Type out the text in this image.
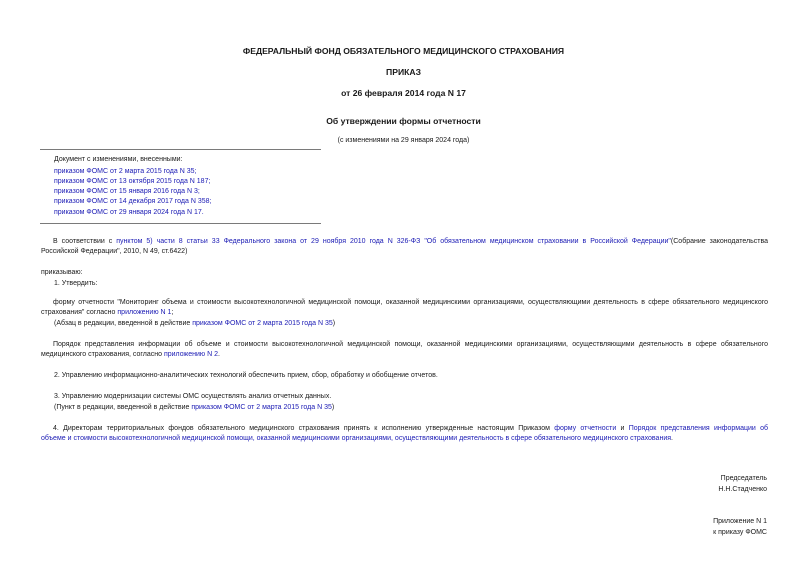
ФЕДЕРАЛЬНЫЙ ФОНД ОБЯЗАТЕЛЬНОГО МЕДИЦИНСКОГО СТРАХОВАНИЯ
ПРИКАЗ
от 26 февраля 2014 года N 17
Об утверждении формы отчетности
(с изменениями на 29 января 2024 года)
Документ с изменениями, внесенными:
приказом ФОМС от 2 марта 2015 года N 35;
приказом ФОМС от 13 октября 2015 года N 187;
приказом ФОМС от 15 января 2016 года N 3;
приказом ФОМС от 14 декабря 2017 года N 358;
приказом ФОМС от 29 января 2024 года N 17.
В соответствии с пунктом 5) части 8 статьи 33 Федерального закона от 29 ноября 2010 года N 326-ФЗ "Об обязательном медицинском страховании в Российской Федерации"(Собрание законодательства
Российской Федерации", 2010, N 49, ст.6422)
приказываю:
1. Утвердить:
форму отчетности "Мониторинг объема и стоимости высокотехнологичной медицинской помощи, оказанной медицинскими организациями, осуществляющими деятельность в сфере обязательного медицинского
страхования" согласно приложению N 1;
(Абзац в редакции, введенной в действие приказом ФОМС от 2 марта 2015 года N 35)
Порядок представления информации об объеме и стоимости высокотехнологичной медицинской помощи, оказанной медицинскими организациями, осуществляющими деятельность в сфере обязательного
медицинского страхования, согласно приложению N 2.
2. Управлению информационно-аналитических технологий обеспечить прием, сбор, обработку и обобщение отчетов.
3. Управлению модернизации системы ОМС осуществлять анализ отчетных данных.
(Пункт в редакции, введенной в действие приказом ФОМС от 2 марта 2015 года N 35)
4. Директорам территориальных фондов обязательного медицинского страхования принять к исполнению утвержденные настоящим Приказом форму отчетности и Порядок представления информации об
объеме и стоимости высокотехнологичной медицинской помощи, оказанной медицинскими организациями, осуществляющими деятельность в сфере обязательного медицинского страхования.
Председатель
Н.Н.Стадченко
Приложение N 1
к приказу ФОМС
